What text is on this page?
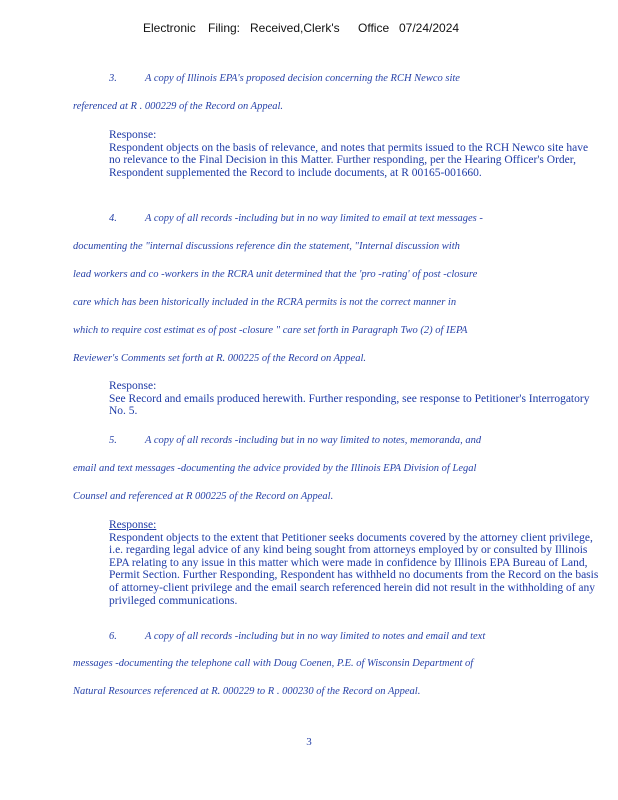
Electronic Filing: Received,Clerk's Office 07/24/2024
3.	A copy of Illinois EPA's proposed decision concerning the RCH Newco site
referenced at R . 000229 of the Record on Appeal.
Response:
Respondent objects on the basis of relevance, and notes that permits issued to the RCH Newco site have no relevance to the Final Decision in this Matter. Further responding, per the Hearing Officer's Order, Respondent supplemented the Record to include documents, at R 00165-001660.
4.	A copy of all records -including but in no way limited to email at text messages -
documenting the "internal discussions reference din the statement, "Internal discussion with
lead workers and co -workers in the RCRA unit determined that the 'pro -rating' of post -closure
care which has been historically included in the RCRA permits is not the correct manner in
which to require cost estimat es of post -closure " care set forth in Paragraph Two (2) of IEPA
Reviewer's Comments set forth at R. 000225 of the Record on Appeal.
Response:
See Record and emails produced herewith. Further responding, see response to Petitioner's Interrogatory No. 5.
5.	A copy of all records -including but in no way limited to notes, memoranda, and
email and text messages -documenting the advice provided by the Illinois EPA Division of Legal
Counsel and referenced at R 000225 of the Record on Appeal.
Response:
Respondent objects to the extent that Petitioner seeks documents covered by the attorney client privilege, i.e. regarding legal advice of any kind being sought from attorneys employed by or consulted by Illinois EPA relating to any issue in this matter which were made in confidence by Illinois EPA Bureau of Land, Permit Section. Further Responding, Respondent has withheld no documents from the Record on the basis of attorney-client privilege and the email search referenced herein did not result in the withholding of any privileged communications.
6.	A copy of all records -including but in no way limited to notes and email and text
messages -documenting the telephone call with Doug Coenen, P.E. of Wisconsin Department of
Natural Resources referenced at R. 000229 to R . 000230 of the Record on Appeal.
3
